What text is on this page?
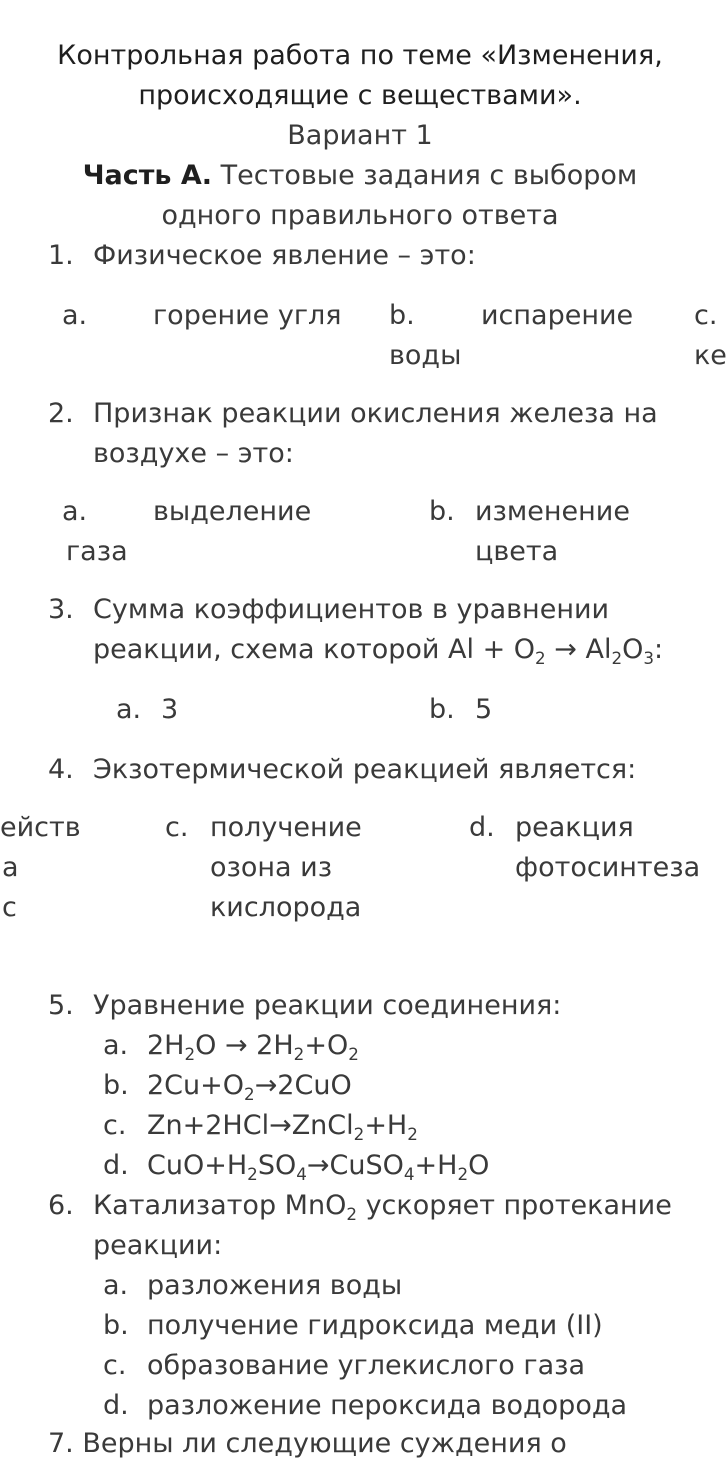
Контрольная работа по теме «Изменения,
происходящие с веществами».
Вариант 1
Часть А. Тестовые задания с выбором
одного правильного ответа
1. Физическое явление – это:
a. горение угля b. испарение
воды
c.
ке
2. Признак реакции окисления железа на
воздухе – это:
a. выделение
газа
b. изменение
цвета
3. Сумма коэффициентов в уравнении
реакции, схема которой $Al + O_2 \to Al_2O_3$:
a. 3	b. 5
4. Экзотермической реакцией является:
ейств
а
с
c. получение
озона из
кислорода
d. реакция
фотосинтеза
5. Уравнение реакции соединения:
a. $2H_2O \to 2H_2+O_2$
b. $2Cu+O_2\to 2CuO$
c. $Zn+2HCl\to ZnCl_2+H_2$
d. $CuO+H_2SO_4\to CuSO_4+H_2O$
6. Катализатор MnO$_2$ ускоряет протекание
реакции:
a. разложения воды
b. получение гидроксида меди (II)
c. образование углекислого газа
d. разложение пероксида водорода
7. Верны ли следующие суждения о
